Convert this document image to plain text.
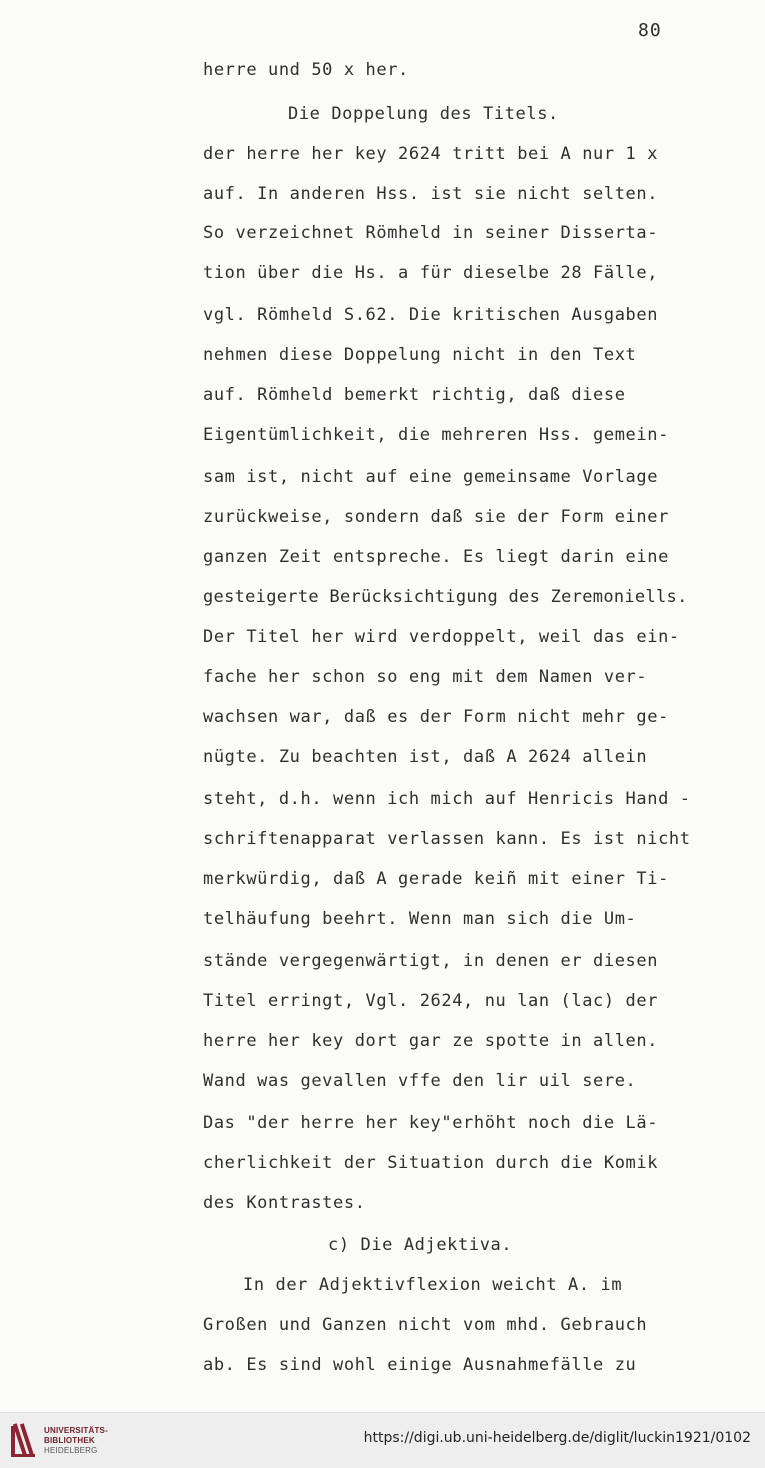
80
herre und 50 x her.
Die Doppelung des Titels.
der herre her key 2624 tritt bei A nur 1 x
auf. In anderen Hss. ist sie nicht selten.
So verzeichnet Römheld in seiner Disserta-
tion über die Hs. a für dieselbe 28 Fälle,
vgl. Römheld S.62. Die kritischen Ausgaben
nehmen diese Doppelung nicht in den Text
auf. Römheld bemerkt richtig, daß diese
Eigentümlichkeit, die mehreren Hss. gemein-
sam ist, nicht auf eine gemeinsame Vorlage
zurückweise, sondern daß sie der Form einer
ganzen Zeit entspreche. Es liegt darin eine
gesteigerte Berücksichtigung des Zeremoniells.
Der Titel her wird verdoppelt, weil das ein-
fache her schon so eng mit dem Namen ver-
wachsen war, daß es der Form nicht mehr ge-
nügte. Zu beachten ist, daß A 2624 allein
steht, d.h. wenn ich mich auf Henricis Hand -
schriftenapparat verlassen kann. Es ist nicht
merkwürdig, daß A gerade keiñ mit einer Ti-
telhäufung beehrt. Wenn man sich die Um-
stände vergegenwärtigt, in denen er diesen
Titel erringt, Vgl. 2624, nu lan (lac) der
herre her key dort gar ze spotte in allen.
Wand was gevallen vffe den lir uil sere.
Das "der herre her key"erhöht noch die Lä-
cherlichkeit der Situation durch die Komik
des Kontrastes.
c) Die Adjektiva.
In der Adjektivflexion weicht A. im
Großen und Ganzen nicht vom mhd. Gebrauch
ab. Es sind wohl einige Ausnahmefälle zu
UNIVERSITÄTS-
BIBLIOTHEK
HEIDELBERG
https://digi.ub.uni-heidelberg.de/diglit/luckin1921/0102
